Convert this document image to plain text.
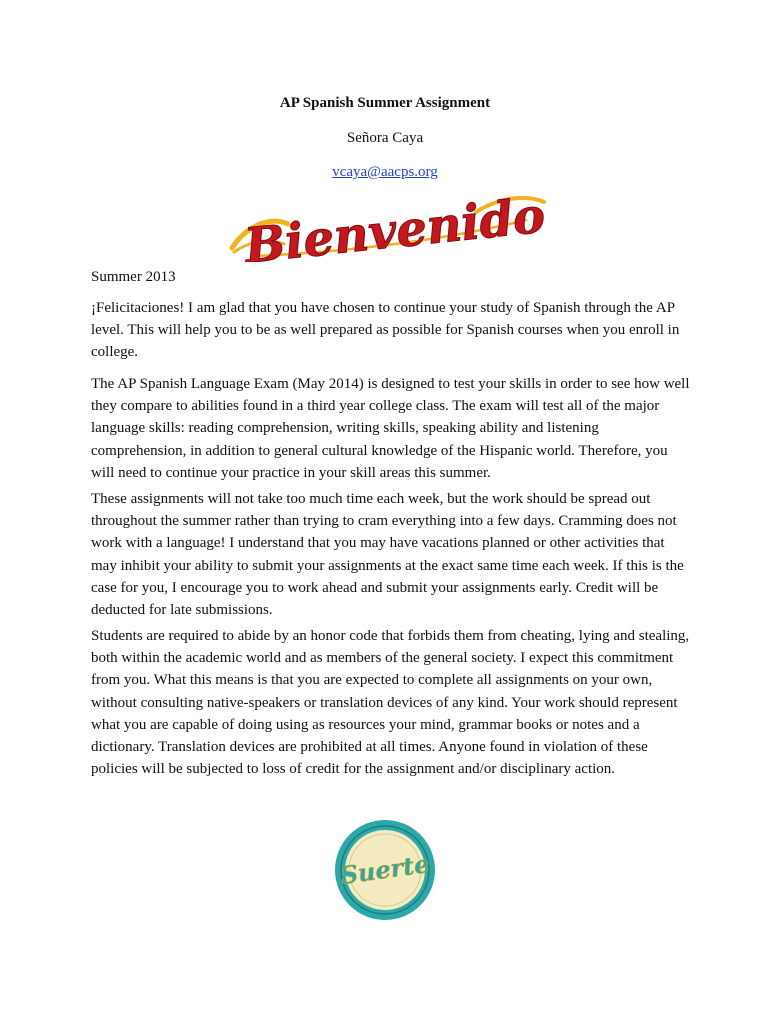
AP Spanish Summer Assignment
Señora Caya
vcaya@aacps.org
Bienvenido
Summer 2013

¡Felicitaciones! I am glad that you have chosen to continue your study of Spanish through the AP level. This will help you to be as well prepared as possible for Spanish courses when you enroll in college.

The AP Spanish Language Exam (May 2014) is designed to test your skills in order to see how well they compare to abilities found in a third year college class. The exam will test all of the major language skills: reading comprehension, writing skills, speaking ability and listening comprehension, in addition to general cultural knowledge of the Hispanic world. Therefore, you will need to continue your practice in your skill areas this summer.

These assignments will not take too much time each week, but the work should be spread out throughout the summer rather than trying to cram everything into a few days. Cramming does not work with a language! I understand that you may have vacations planned or other activities that may inhibit your ability to submit your assignments at the exact same time each week. If this is the case for you, I encourage you to work ahead and submit your assignments early. Credit will be deducted for late submissions.

Students are required to abide by an honor code that forbids them from cheating, lying and stealing, both within the academic world and as members of the general society. I expect this commitment from you. What this means is that you are expected to complete all assignments on your own, without consulting native-speakers or translation devices of any kind. Your work should represent what you are capable of doing using as resources your mind, grammar books or notes and a dictionary. Translation devices are prohibited at all times. Anyone found in violation of these policies will be subjected to loss of credit for the assignment and/or disciplinary action.

Suerte
